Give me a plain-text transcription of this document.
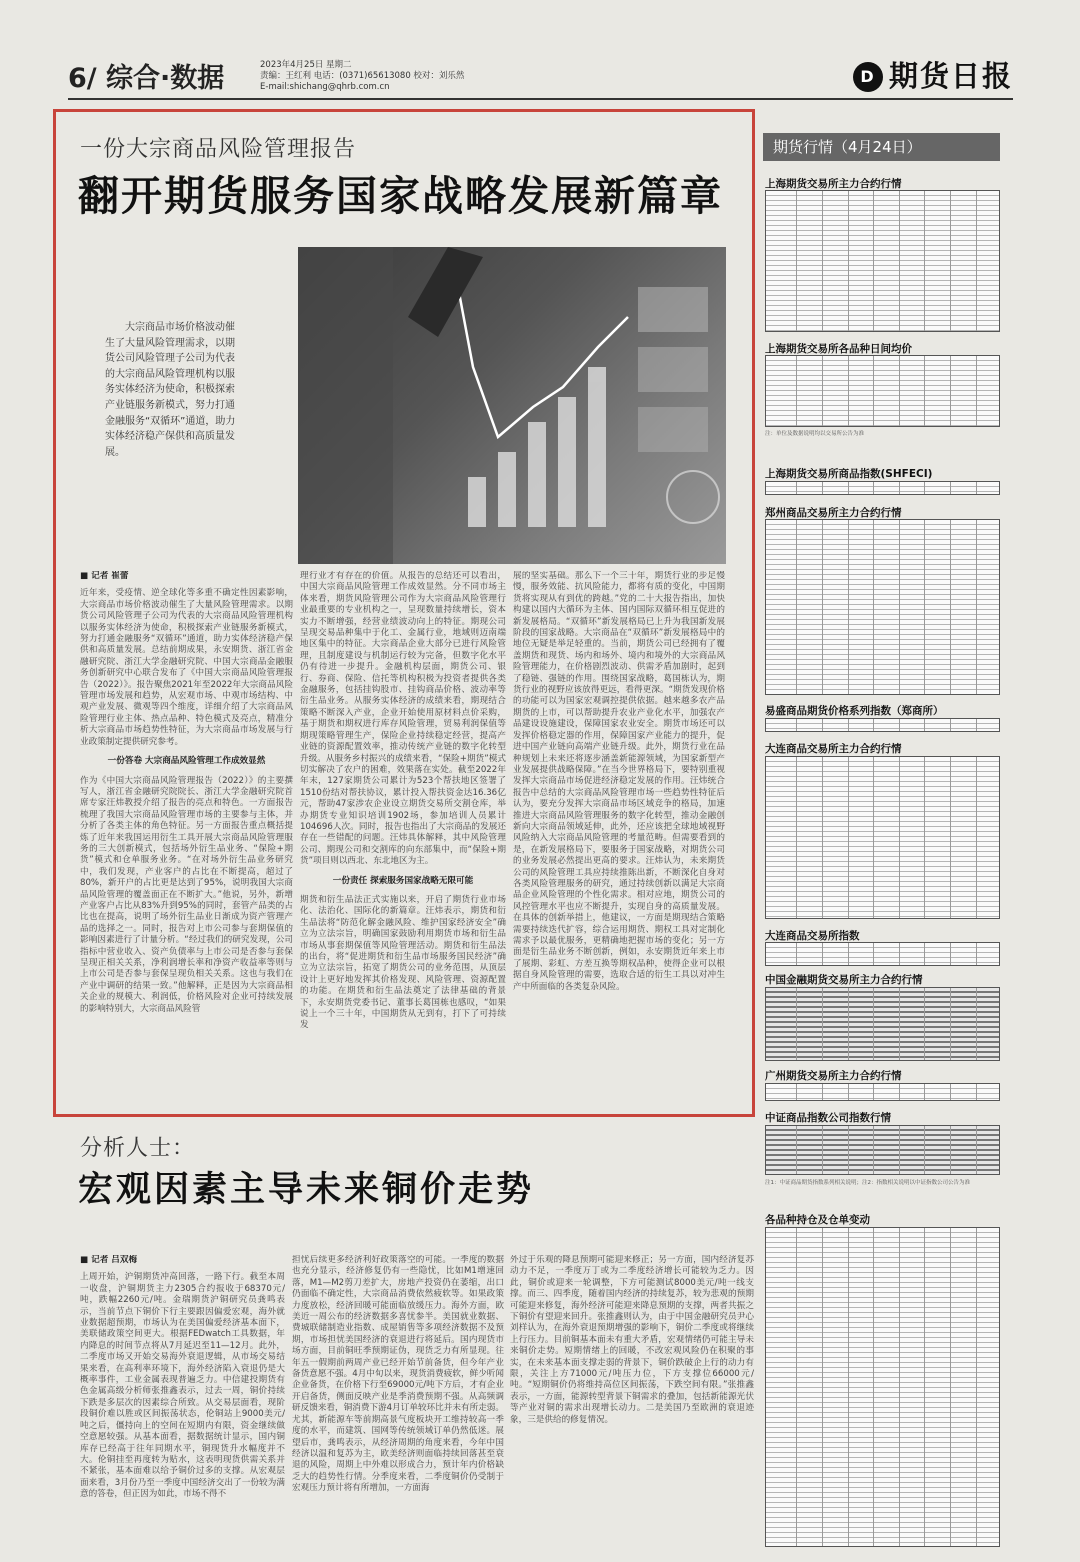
6/ 综合·数据	2023年4月25日 星期二
责编：王红利 电话：(0371)65613080 校对：刘乐然
E-mail:shichang@qhrb.com.cn
D 期货日报
一份大宗商品风险管理报告
翻开期货服务国家战略发展新篇章
大宗商品市场价格波动催生了大量风险管理需求，以期货公司风险管理子公司为代表的大宗商品风险管理机构以服务实体经济为使命，积极探索产业链服务新模式，努力打通金融服务“双循环”通道，助力实体经济稳产保供和高质量发展。
■ 记者 崔蕾
近年来，受疫情、逆全球化等多重不确定性因素影响，大宗商品市场价格波动催生了大量风险管理需求。以期货公司风险管理子公司为代表的大宗商品风险管理机构以服务实体经济为使命，积极探索产业链服务新模式，努力打通金融服务“双循环”通道，助力实体经济稳产保供和高质量发展。总结前期成果，永安期货、浙江省金融研究院、浙江大学金融研究院、中国大宗商品金融服务创新研究中心联合发布了《中国大宗商品风险管理报告（2022）》。报告聚焦2021年至2022年大宗商品风险管理市场发展和趋势，从宏观市场、中观市场结构、中观产业发展、微观等四个维度，详细介绍了大宗商品风险管理行业主体、热点品种、特色模式及亮点，精准分析大宗商品市场趋势性特征，为大宗商品市场发展与行业政策制定提供研究参考。
一份答卷 大宗商品风险管理工作成效显然
作为《中国大宗商品风险管理报告（2022）》的主要撰写人，浙江省金融研究院院长、浙江大学金融研究院首席专家汪炜教授介绍了报告的亮点和特色。一方面报告梳理了我国大宗商品风险管理市场的主要参与主体，并分析了各类主体的角色特征。另一方面报告重点概括提炼了近年来我国运用衍生工具开展大宗商品风险管理服务的三大创新模式，包括场外衍生品业务、“保险+期货”模式和仓单服务业务。“在对场外衍生品业务研究中，我们发现，产业客户的占比在不断提高，超过了80%，新开户的占比更是达到了95%，说明我国大宗商品风险管理的覆盖面正在不断扩大。”他说，另外，新增产业客户占比从83%升到95%的同时，套管产品类的占比也在提高，说明了场外衍生品业日渐成为资产管理产品的选择之一。同时，报告对上市公司参与套期保值的影响因素进行了计量分析。“经过我们的研究发现，公司指标中营业收入、资产负债率与上市公司是否参与套保呈现正相关关系，净利润增长率和净资产收益率等则与上市公司是否参与套保呈现负相关关系。这也与我们在产业中调研的结果一致。”他解释，正是因为大宗商品相关企业的规模大、利润低，价格风险对企业可持续发展的影响特别大，大宗商品风险管
理行业才有存在的价值。从报告的总结还可以看出，中国大宗商品风险管理工作成效显然。分不同市场主体来看，期货风险管理公司作为大宗商品风险管理行业最重要的专业机构之一，呈现数量持续增长，资本实力不断增强，经营业绩波动向上的特征。期现公司呈现交易品种集中于化工、金属行业，地域则迈南端地区集中的特征。大宗商品企业大部分已进行风险管理，且制度建设与机制运行较为完备，但数字化水平仍有待进一步提升。金融机构层面，期货公司、银行、券商、保险、信托等机构积极为投资者提供各类金融服务，包括挂钩股市、挂钩商品价格、波动率等衍生品业务。从服务实体经济的成绩来看，期现结合策略不断深入产业，企业开始使用原材料点价采购，基于期货和期权进行库存风险管理，贸易利润保值等期现策略管理生产，保险企业持续稳定经营，提高产业链的资源配置效率，推动传统产业链的数字化转型升级。从服务乡村振兴的成绩来看，“保险+期货”模式切实解决了农户的困难，效果落在实处。截至2022年年末，127家期货公司累计为523个帮扶地区签署了1510份结对帮扶协议，累计投入帮扶资金达16.36亿元，帮助47家涉农企业设立期货交易所交割仓库，举办期货专业知识培训1902场，参加培训人员累计104696人次。同时，报告也指出了大宗商品的发展还存在一些错配的问题。汪炜具体解释，其中风险管理公司、期现公司和交割库的向东部集中，而“保险+期货”项目则以西北、东北地区为主。
一份责任 探索服务国家战略无限可能
期货和衍生品法正式实施以来，开启了期货行业市场化、法治化、国际化的新篇章。汪炜表示，期货和衍生品法将“防范化解金融风险、维护国家经济安全”确立为立法宗旨，明确国家鼓励利用期货市场和衍生品市场从事套期保值等风险管理活动。期货和衍生品法的出台，将“促进期货和衍生品市场服务国民经济”确立为立法宗旨，拓宽了期货公司的业务范围，从顶层设计上更好地发挥其价格发现、风险管理、资源配置的功能。在期货和衍生品法奠定了法律基础的背景下，永安期货党委书记、董事长葛国栋也感叹，“如果说上一个三十年，中国期货从无到有，打下了可持续发
展的坚实基础。那么下一个三十年，期货行业的步足慢慢，服务效能、抗风险能力，都将有质的变化，中国期货将实现从有到优的跨越。”党的二十大报告指出，加快构建以国内大循环为主体、国内国际双循环相互促进的新发展格局。“双循环”新发展格局已上升为我国新发展阶段的国家战略。大宗商品在“双循环”新发展格局中的地位无疑是举足轻重的。当前，期货公司已经拥有了覆盖期货和现货、场内和场外、境内和境外的大宗商品风险管理能力，在价格剧烈波动、供需矛盾加剧时，起到了稳链、强链的作用。围绕国家战略，葛国栋认为，期货行业的视野应该放得更远，看得更深。“期货发现价格的功能可以为国家宏观调控提供依据。越来越多农产品期货的上市，可以帮助提升农业产业化水平，加强农产品建设设施建设，保障国家农业安全。期货市场还可以发挥价格稳定器的作用，保障国家产业能力的提升，促进中国产业链向高端产业链升级。此外，期货行业在品种规划上未来还将逐步涵盖新能源领域，为国家新型产业发展提供战略保障。”在当今世界格局下，要特别重视发挥大宗商品市场促进经济稳定发展的作用。汪炜统合报告中总结的大宗商品风险管理市场一些趋势性特征后认为，要充分发挥大宗商品市场区域竞争的格局，加速推进大宗商品风险管理服务的数字化转型，推动金融创新向大宗商品领域延伸，此外，还应该把全球地域视野风险纳入大宗商品风险管理的考量范畴。但需要看到的是，在新发展格局下，要服务于国家战略，对期货公司的业务发展必然提出更高的要求。汪炜认为，未来期货公司的风险管理工具应持续推陈出新，不断深化自身对各类风险管理服务的研究，通过持续创新以满足大宗商品企业风险管理的个性化需求。相对应地，期货公司的风控管理水平也应不断提升，实现自身的高质量发展。在具体的创新举措上，他建议，一方面是期现结合策略需要持续迭代扩容，综合运用期货、期权工具对定制化需求予以最优服务，更精确地把握市场的变化；另一方面是衍生品业务不断创新，例如，永安期货近年来上市了展期、彩虹、方差互换等期权品种，使得企业可以根据自身风险管理的需要，选取合适的衍生工具以对冲生产中所面临的各类复杂风险。
分析人士：
宏观因素主导未来铜价走势
■ 记者 吕双梅
上周开始，沪铜期货冲高回落，一路下行。截至本周一收盘，沪铜期货主力2305合约报收于68370元/吨，跌幅2260元/吨。金瑞期货沪铜研究员龚鸣表示，当前节点下铜价下行主要跟因偏爱宏观，海外就业数据超预期，市场认为在美国偏爱经济基本面下，美联储政策空间更大。根据FEDwatch工具数据，年内降息的时间节点将从7月延迟至11—12月。此外，二季度市场又开始交易海外衰退逻辑，从市场交易结果来看，在高利率环境下，海外经济陷入衰退仍是大概率事件，工业金属表现普遍乏力。中信建投期货有色金属高级分析师张推鑫表示，过去一周，铜价持续下跌是多层次的因素综合所致。从交易层面看，现阶段铜价难以胜或区间振荡状态，伦铜站上9000美元/吨之后，僵持向上的空间在短期内有限，资金继续做空意愿较强。从基本面看，据数据统计显示，国内铜库存已经高于往年同期水平，铜现货升水幅度并不大。伦铜挂至再度转为贴水，这表明现货供需关系并不紧张，基本面难以给予铜价过多的支撑。从宏观层面来看，3月份乃至一季度中国经济交出了一份较为满意的答卷，但正因为如此，市场不得不
担忧后续更多经济利好政策落空的可能。一季度的数据也充分显示，经济修复仍有一些隐忧，比如M1增速回落，M1—M2剪刀差扩大，房地产投资仍在萎缩，出口仍面临不确定性，大宗商品消费依然疲软等。如果政策力度放松，经济回暖可能面临放缓压力。海外方面，欧美近一周公布的经济数据多喜忧参半。美国就业数据、费城联储制造业指数、成屋销售等多项经济数据不及预期，市场担忧美国经济的衰退进行将延后。国内现货市场方面，目前铜旺季预期证伪，现货乏力有所显现。往年五一假期前两周产业已经开始节前备货，但今年产业备货意愿不强。4月中旬以来，现货消费疲软，鲜少听闻企业备货，在价格下行至69000元/吨下方后，才有企业开启备货，侧面反映产业是季消费预期不强。从高频调研反馈来看，铜消费下游4月订单较环比并未有所走弱。尤其，新能源车等前期高景气度板块开工维持较高一季度的水平，而建筑、国网等传统领域订单仍然低迷。展望后市，龚鸣表示，从经济周期的角度来看，今年中国经济以温和复苏为主，欧美经济则面临持续回落甚至衰退的风险，周期上中外难以形成合力，预计年内价格缺乏大的趋势性行情。分季度来看，二季度铜价仍受制于宏观压力预计将有所增加，一方面海
外过于乐观的降息预期可能迎来修正；另一方面，国内经济复苏动力不足，一季度万丁或为二季度经济增长可能较为乏力。因此，铜价或迎来一轮调整，下方可能测试8000美元/吨一线支撑。而三、四季度，随着国内经济的持续复苏，较为悲观的预期可能迎来修复，海外经济可能迎来降息预期的支撑，两者共振之下铜价有望迎来回升。张推鑫则认为，由于中国金融研究员尹心刘样认为，在海外衰退预期增强的影响下，铜价二季度或将继续上行压力。目前铜基本面未有重大矛盾，宏观情绪仍可能主导未来铜价走势。短期情绪上的回暖，不改宏观风险仍在积聚的事实，在未来基本面支撑走弱的背景下，铜价跌破企上行的动力有限，关注上方71000元/吨压力位，下方支撑位66000元/吨。“短期铜价仍将维持高位区间振荡，下跌空间有限。”张推鑫表示，一方面，能源转型背景下铜需求的叠加，包括新能源光伏等产业对铜的需求出现增长动力。二是美国乃至欧洲的衰退迹象，三是供给的修复情况。
期货行情（4月24日）
上海期货交易所主力合约行情
上海期货交易所各品种日间均价
注：单位及数据说明均以交易所公告为准
上海期货交易所商品指数(SHFECI)
郑州商品交易所主力合约行情
易盛商品期货价格系列指数（郑商所）
大连商品交易所主力合约行情
大连商品交易所指数
中国金融期货交易所主力合约行情
广州期货交易所主力合约行情
中证商品指数公司指数行情
注1：中证商品期货指数系列相关说明；注2：指数相关说明以中证指数公司公告为准
各品种持仓及仓单变动
